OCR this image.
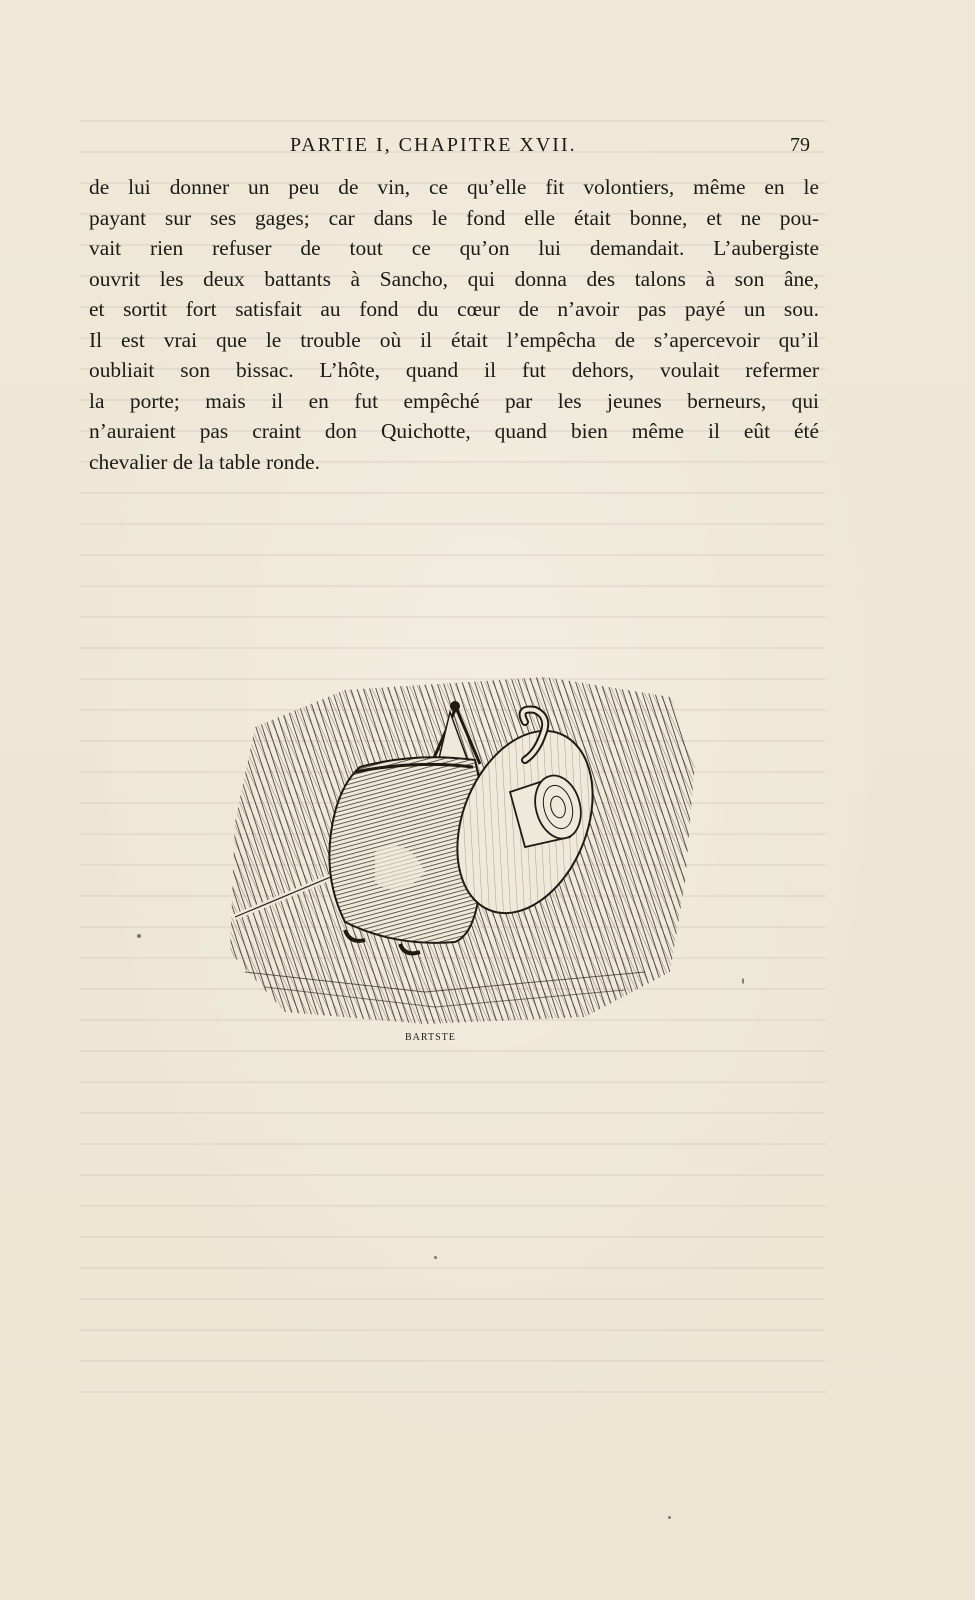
PARTIE I, CHAPITRE XVII.	79
de lui donner un peu de vin, ce qu’elle fit volontiers, même en le
payant sur ses gages; car dans le fond elle était bonne, et ne pou-
vait rien refuser de tout ce qu’on lui demandait. L’aubergiste
ouvrit les deux battants à Sancho, qui donna des talons à son âne,
et sortit fort satisfait au fond du cœur de n’avoir pas payé un sou.
Il est vrai que le trouble où il était l’empêcha de s’apercevoir qu’il
oubliait son bissac. L’hôte, quand il fut dehors, voulait refermer
la porte; mais il en fut empêché par les jeunes berneurs, qui
n’auraient pas craint don Quichotte, quand bien même il eût été
chevalier de la table ronde.
BARTSTE
